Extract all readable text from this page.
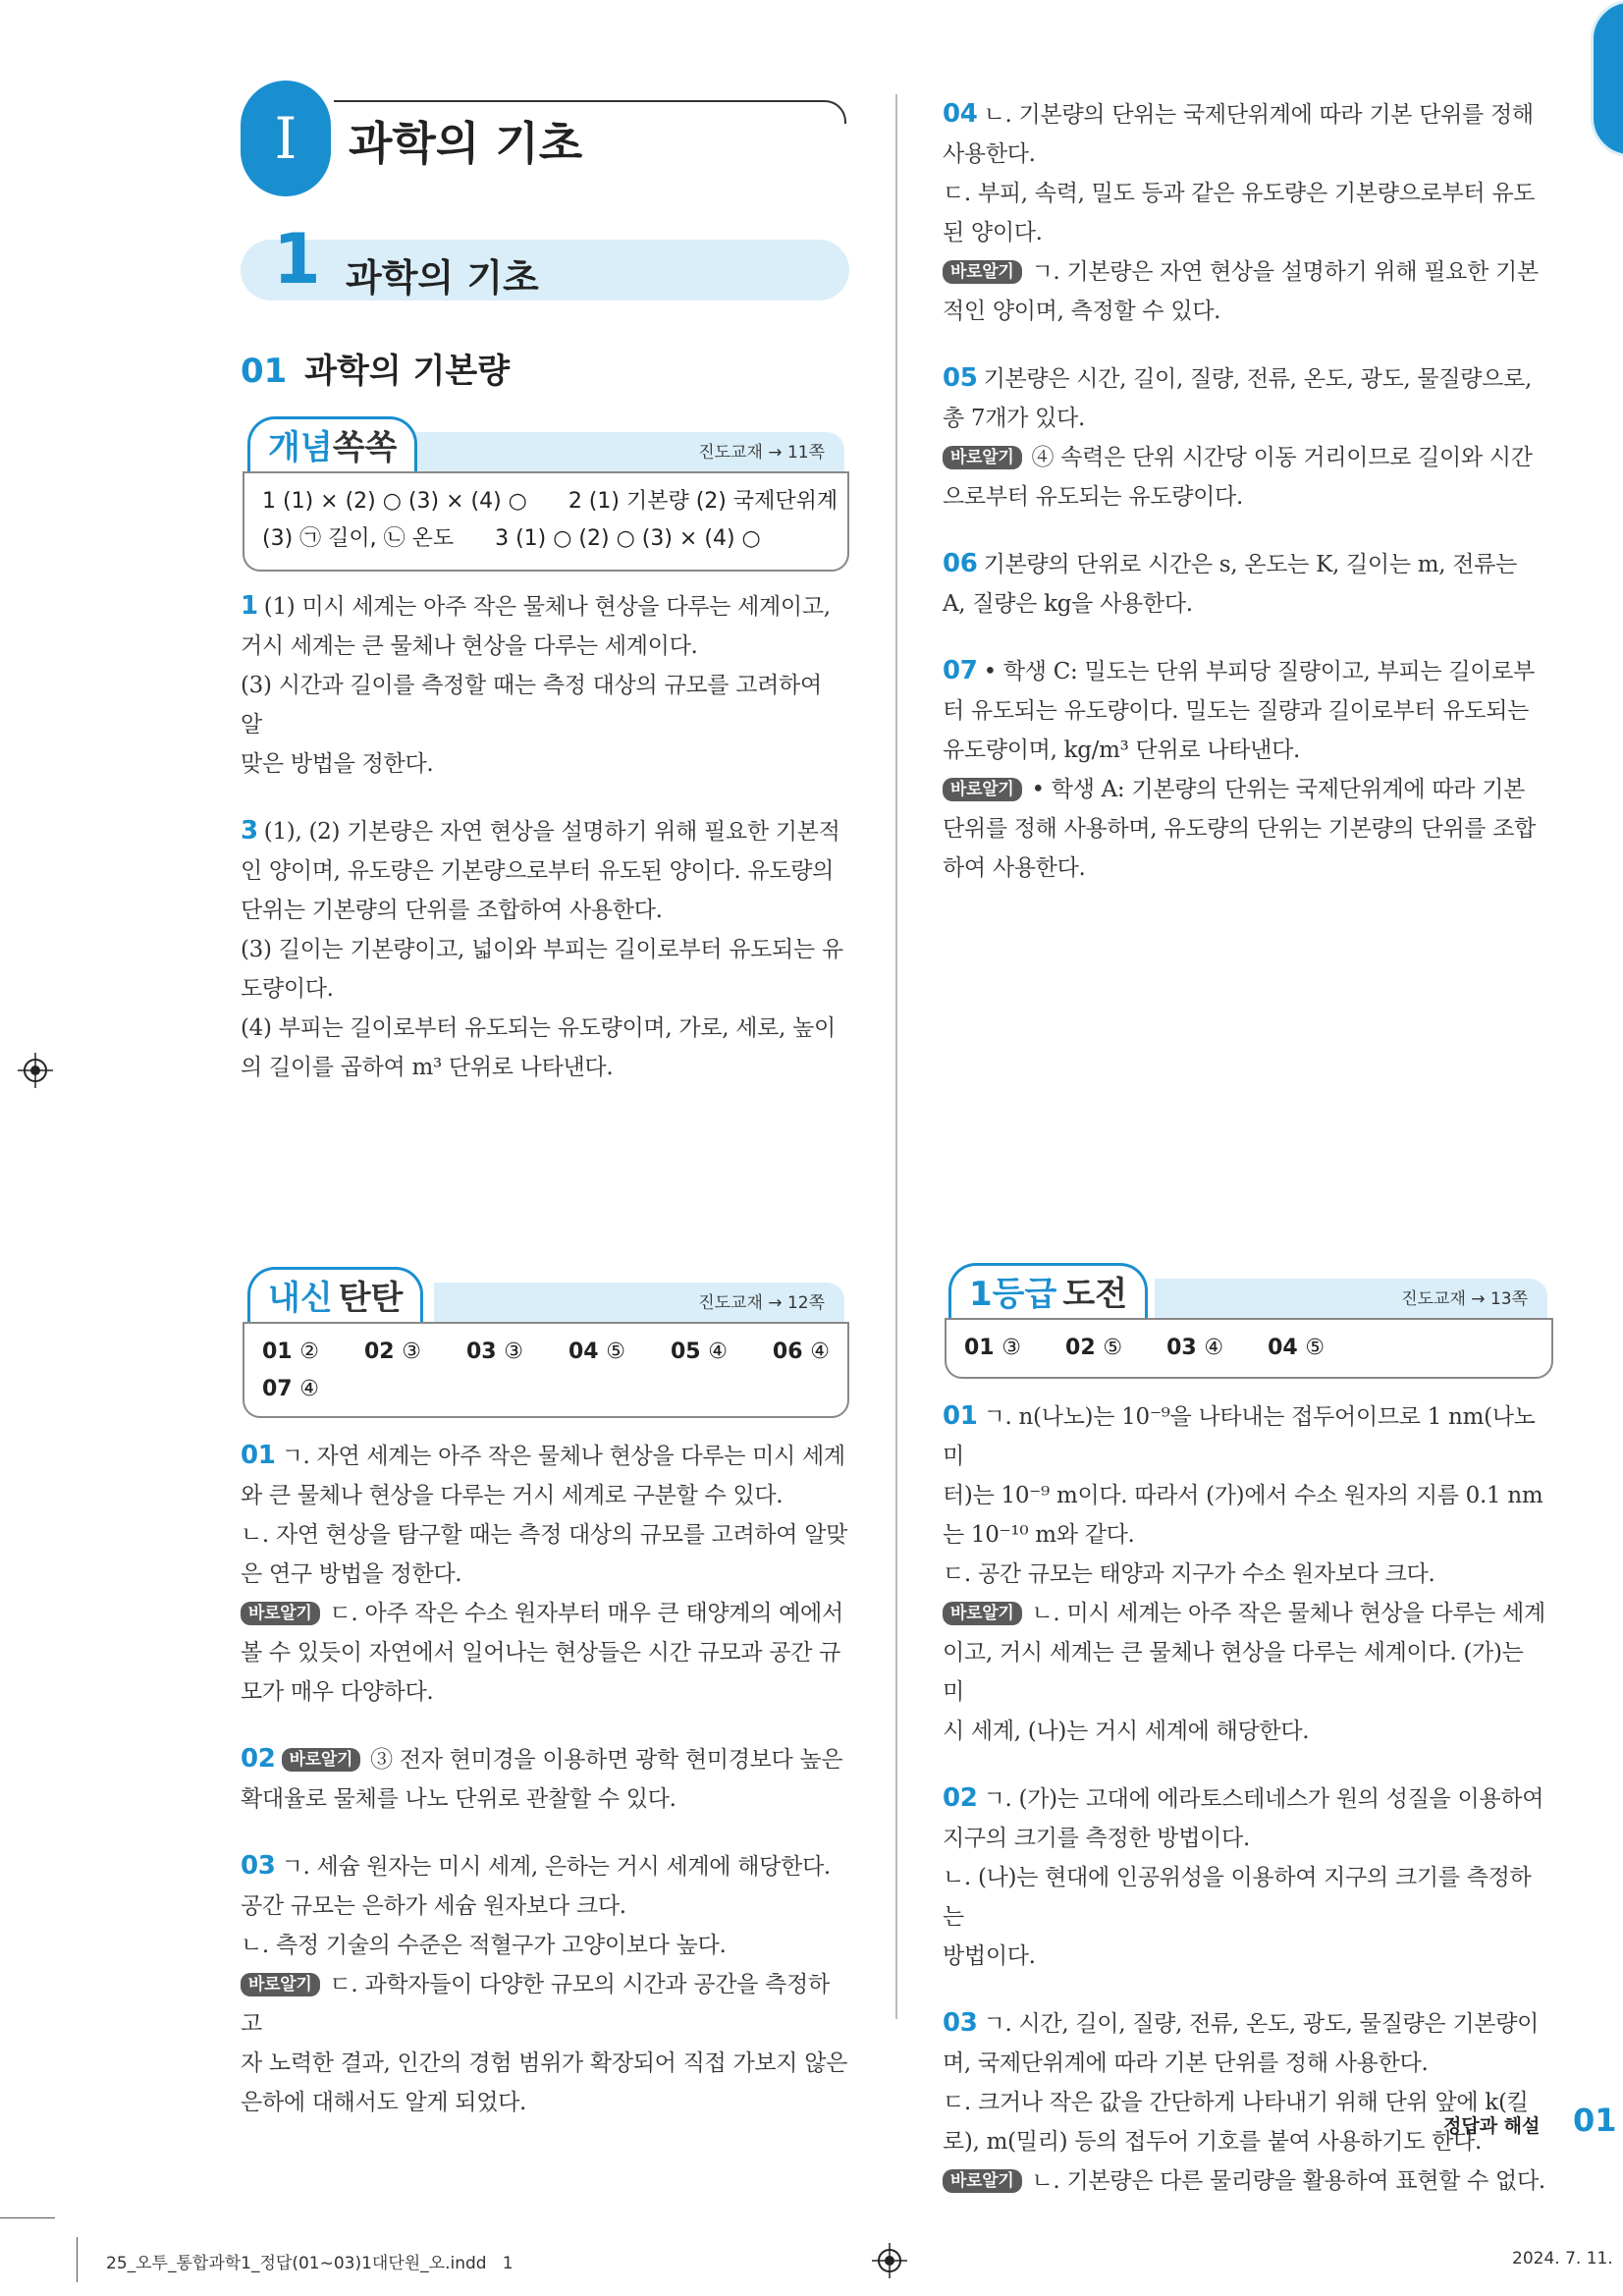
I	과학의 기초
1 과학의 기초
01 과학의 기본량
개념쏙쏙	진도교재 → 11쪽
1 (1) × (2) ○ (3) × (4) ○      2 (1) 기본량 (2) 국제단위계
(3) ㉠ 길이, ㉡ 온도      3 (1) ○ (2) ○ (3) × (4) ○
1 (1) 미시 세계는 아주 작은 물체나 현상을 다루는 세계이고,
거시 세계는 큰 물체나 현상을 다루는 세계이다.
(3) 시간과 길이를 측정할 때는 측정 대상의 규모를 고려하여 알
맞은 방법을 정한다.
3 (1), (2) 기본량은 자연 현상을 설명하기 위해 필요한 기본적
인 양이며, 유도량은 기본량으로부터 유도된 양이다. 유도량의
단위는 기본량의 단위를 조합하여 사용한다.
(3) 길이는 기본량이고, 넓이와 부피는 길이로부터 유도되는 유
도량이다.
(4) 부피는 길이로부터 유도되는 유도량이며, 가로, 세로, 높이
의 길이를 곱하여 m³ 단위로 나타낸다.
04 ㄴ. 기본량의 단위는 국제단위계에 따라 기본 단위를 정해
사용한다.
ㄷ. 부피, 속력, 밀도 등과 같은 유도량은 기본량으로부터 유도
된 양이다.
바로알기 ㄱ. 기본량은 자연 현상을 설명하기 위해 필요한 기본
적인 양이며, 측정할 수 있다.
05 기본량은 시간, 길이, 질량, 전류, 온도, 광도, 물질량으로,
총 7개가 있다.
바로알기 ④ 속력은 단위 시간당 이동 거리이므로 길이와 시간
으로부터 유도되는 유도량이다.
06 기본량의 단위로 시간은 s, 온도는 K, 길이는 m, 전류는
A, 질량은 kg을 사용한다.
07 • 학생 C: 밀도는 단위 부피당 질량이고, 부피는 길이로부
터 유도되는 유도량이다. 밀도는 질량과 길이로부터 유도되는
유도량이며, kg/m³ 단위로 나타낸다.
바로알기 • 학생 A: 기본량의 단위는 국제단위계에 따라 기본
단위를 정해 사용하며, 유도량의 단위는 기본량의 단위를 조합
하여 사용한다.
내신 탄탄	진도교재 → 12쪽
01 ② 02 ③ 03 ③ 04 ⑤ 05 ④ 06 ④
07 ④
01 ㄱ. 자연 세계는 아주 작은 물체나 현상을 다루는 미시 세계
와 큰 물체나 현상을 다루는 거시 세계로 구분할 수 있다.
ㄴ. 자연 현상을 탐구할 때는 측정 대상의 규모를 고려하여 알맞
은 연구 방법을 정한다.
바로알기 ㄷ. 아주 작은 수소 원자부터 매우 큰 태양계의 예에서
볼 수 있듯이 자연에서 일어나는 현상들은 시간 규모과 공간 규
모가 매우 다양하다.
02 바로알기 ③ 전자 현미경을 이용하면 광학 현미경보다 높은
확대율로 물체를 나노 단위로 관찰할 수 있다.
03 ㄱ. 세슘 원자는 미시 세계, 은하는 거시 세계에 해당한다.
공간 규모는 은하가 세슘 원자보다 크다.
ㄴ. 측정 기술의 수준은 적혈구가 고양이보다 높다.
바로알기 ㄷ. 과학자들이 다양한 규모의 시간과 공간을 측정하고
자 노력한 결과, 인간의 경험 범위가 확장되어 직접 가보지 않은
은하에 대해서도 알게 되었다.
1등급 도전	진도교재 → 13쪽
01 ③ 02 ⑤ 03 ④ 04 ⑤
01 ㄱ. n(나노)는 10⁻⁹을 나타내는 접두어이므로 1 nm(나노미
터)는 10⁻⁹ m이다. 따라서 (가)에서 수소 원자의 지름 0.1 nm
는 10⁻¹⁰ m와 같다.
ㄷ. 공간 규모는 태양과 지구가 수소 원자보다 크다.
바로알기 ㄴ. 미시 세계는 아주 작은 물체나 현상을 다루는 세계
이고, 거시 세계는 큰 물체나 현상을 다루는 세계이다. (가)는 미
시 세계, (나)는 거시 세계에 해당한다.
02 ㄱ. (가)는 고대에 에라토스테네스가 원의 성질을 이용하여
지구의 크기를 측정한 방법이다.
ㄴ. (나)는 현대에 인공위성을 이용하여 지구의 크기를 측정하는
방법이다.
03 ㄱ. 시간, 길이, 질량, 전류, 온도, 광도, 물질량은 기본량이
며, 국제단위계에 따라 기본 단위를 정해 사용한다.
ㄷ. 크거나 작은 값을 간단하게 나타내기 위해 단위 앞에 k(킬
로), m(밀리) 등의 접두어 기호를 붙여 사용하기도 한다.
바로알기 ㄴ. 기본량은 다른 물리량을 활용하여 표현할 수 없다.
정답과 해설 01
25_오투_통합과학1_정답(01~03)1대단원_오.indd   1	2024. 7. 11.
